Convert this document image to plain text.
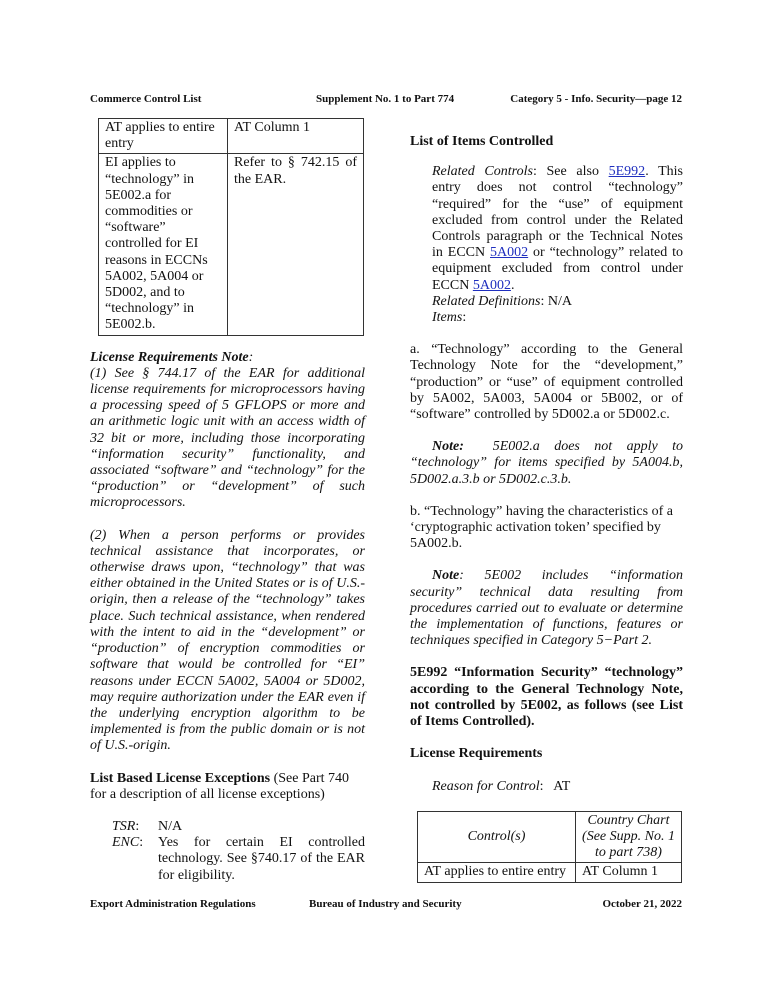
Commerce Control List	Supplement No. 1 to Part 774	Category 5 - Info. Security—page 12
AT applies to entire entry	AT Column 1
EI applies to “technology” in 5E002.a for commodities or “software” controlled for EI reasons in ECCNs 5A002, 5A004 or 5D002, and to “technology” in 5E002.b.	Refer to § 742.15 of the EAR.
License Requirements Note:

(1) See § 744.17 of the EAR for additional license requirements for microprocessors having a processing speed of 5 GFLOPS or more and an arithmetic logic unit with an access width of 32 bit or more, including those incorporating “information security” functionality, and associated “software” and “technology” for the “production” or “development” of such microprocessors.

(2) When a person performs or provides technical assistance that incorporates, or otherwise draws upon, “technology” that was either obtained in the United States or is of U.S.-origin, then a release of the “technology” takes place. Such technical assistance, when rendered with the intent to aid in the “development” or “production” of encryption commodities or software that would be controlled for “EI” reasons under ECCN 5A002, 5A004 or 5D002, may require authorization under the EAR even if the underlying encryption algorithm to be implemented is from the public domain or is not of U.S.-origin.

List Based License Exceptions (See Part 740 for a description of all license exceptions)

TSR:	N/A
ENC:	Yes for certain EI controlled technology. See §740.17 of the EAR for eligibility.
List of Items Controlled
Related Controls: See also 5E992. This entry does not control “technology” “required” for the “use” of equipment excluded from control under the Related Controls paragraph or the Technical Notes in ECCN 5A002 or “technology” related to equipment excluded from control under ECCN 5A002.
Related Definitions: N/A
Items:

a. “Technology” according to the General Technology Note for the “development,” “production” or “use” of equipment controlled by 5A002, 5A003, 5A004 or 5B002, or of “software” controlled by 5D002.a or 5D002.c.

Note:  5E002.a does not apply to “technology” for items specified by 5A004.b, 5D002.a.3.b or 5D002.c.3.b.

b. “Technology” having the characteristics of a ‘cryptographic activation token’ specified by 5A002.b.

Note: 5E002 includes “information security” technical data resulting from procedures carried out to evaluate or determine the implementation of functions, features or techniques specified in Category 5−Part 2.

5E992 “Information Security” “technology” according to the General Technology Note, not controlled by 5E002, as follows (see List of Items Controlled).

License Requirements

Reason for Control:   AT

Control(s)	Country Chart (See Supp. No. 1 to part 738)
AT applies to entire entry	AT Column 1
Export Administration Regulations	Bureau of Industry and Security	October 21, 2022
